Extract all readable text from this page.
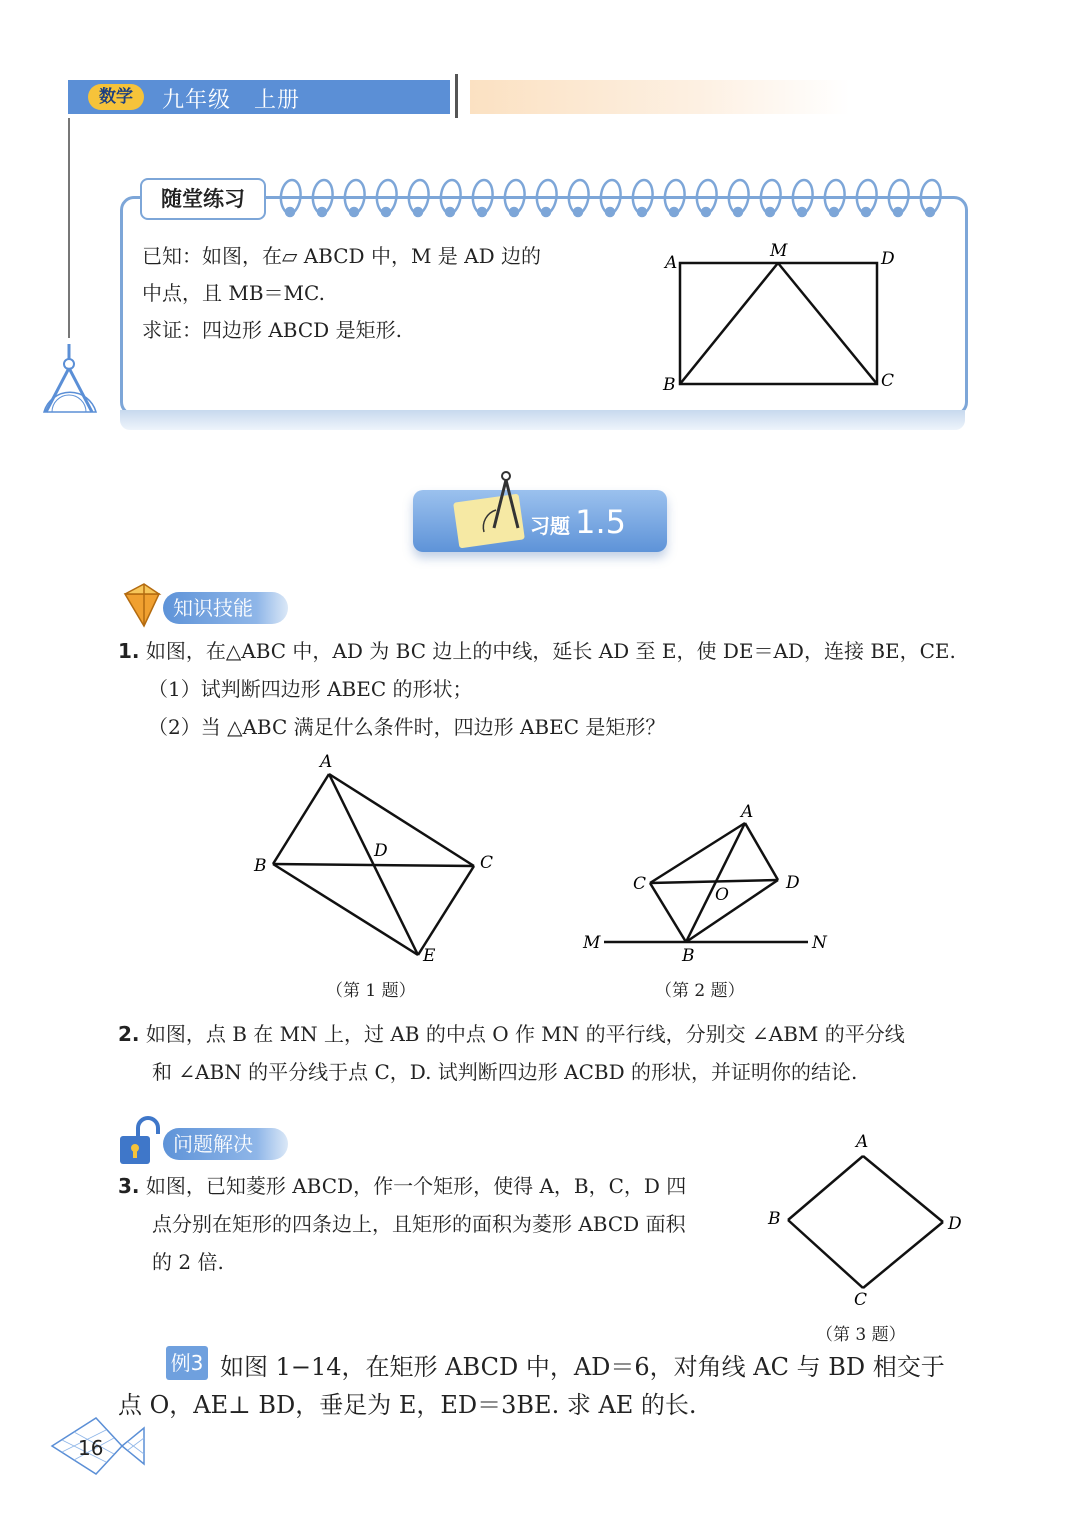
数学	九年级　上册
随堂练习
已知：如图，在▱ ABCD 中，M 是 AD 边的
中点，且 MB＝MC.
求证：四边形 ABCD 是矩形.
A
M	D
B	C
习题 1.5
知识技能
1. 如图，在△ABC 中，AD 为 BC 边上的中线，延长 AD 至 E，使 DE＝AD，连接 BE，CE.
（1）试判断四边形 ABEC 的形状；
（2）当 △ABC 满足什么条件时，四边形 ABEC 是矩形？
A
B	C
D
E
（第 1 题）
A
C	D
O
M
B
N
（第 2 题）
2. 如图，点 B 在 MN 上，过 AB 的中点 O 作 MN 的平行线，分别交 ∠ABM 的平分线
和 ∠ABN 的平分线于点 C，D. 试判断四边形 ACBD 的形状，并证明你的结论.
问题解决
3. 如图，已知菱形 ABCD，作一个矩形，使得 A，B，C，D 四
点分别在矩形的四条边上，且矩形的面积为菱形 ABCD 面积
的 2 倍.
A
B	D
C
（第 3 题）
例3 如图 1−14，在矩形 ABCD 中，AD＝6，对角线 AC 与 BD 相交于
点 O，AE⊥ BD，垂足为 E，ED＝3BE. 求 AE 的长.
16
